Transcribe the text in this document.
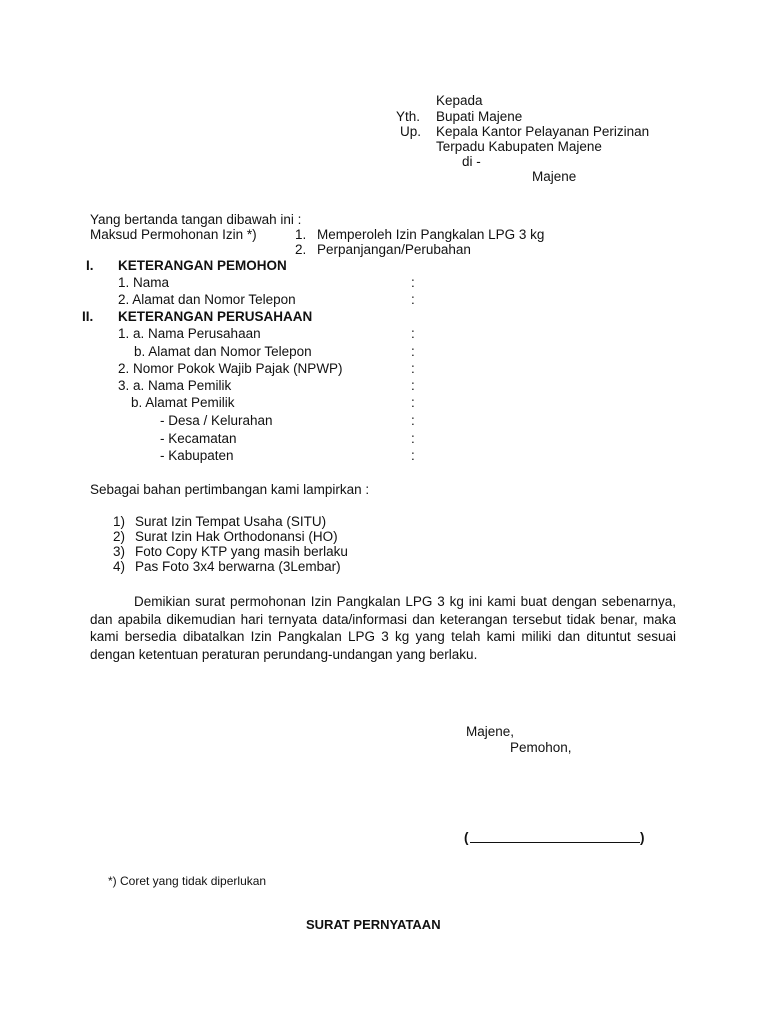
Kepada
Yth. Bupati Majene
Up. Kepala Kantor Pelayanan Perizinan
Terpadu Kabupaten Majene
di -
Majene
Yang bertanda tangan dibawah ini :
Maksud Permohonan Izin *)	1. Memperoleh Izin Pangkalan LPG 3 kg
2. Perpanjangan/Perubahan
I. KETERANGAN PEMOHON
1. Nama	:
2. Alamat dan Nomor Telepon	:
II. KETERANGAN PERUSAHAAN
1. a. Nama Perusahaan	:
b. Alamat dan Nomor Telepon	:
2. Nomor Pokok Wajib Pajak (NPWP)	:
3. a. Nama Pemilik	:
b. Alamat Pemilik	:
- Desa / Kelurahan	:
- Kecamatan	:
- Kabupaten	:
Sebagai bahan pertimbangan kami lampirkan :
1) Surat Izin Tempat Usaha (SITU)
2) Surat Izin Hak Orthodonansi (HO)
3) Foto Copy KTP yang masih berlaku
4) Pas Foto 3x4 berwarna (3Lembar)
Demikian surat permohonan Izin Pangkalan LPG 3 kg ini kami buat dengan sebenarnya, dan apabila dikemudian hari ternyata data/informasi dan keterangan tersebut tidak benar, maka kami bersedia dibatalkan Izin Pangkalan LPG 3 kg yang telah kami miliki dan dituntut sesuai dengan ketentuan peraturan perundang-undangan yang berlaku.
Majene,
Pemohon,
(	)
*) Coret yang tidak diperlukan
SURAT PERNYATAAN
